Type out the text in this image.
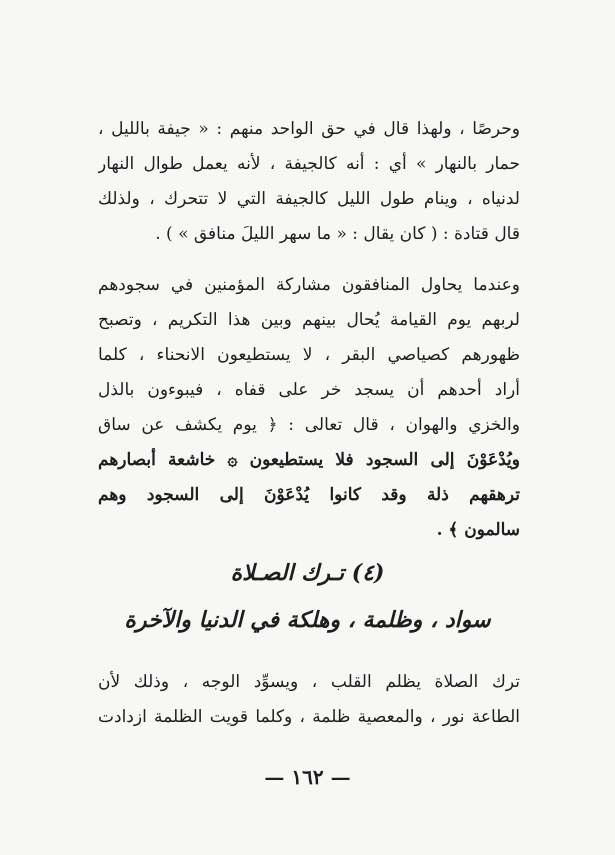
وحرصًا ، ولهذا قال في حق الواحد منهم : « جيفة بالليل ،
حمار بالنهار » أي : أنه كالجيفة ، لأنه يعمل طوال النهار
لدنياه ، وينام طول الليل كالجيفة التي لا تتحرك ، ولذلك
قال قتادة : ( كان يقال : « ما سهر الليلَ منافق » ) .
وعندما يحاول المنافقون مشاركة المؤمنين في سجودهم
لربهم يوم القيامة يُحال بينهم وبين هذا التكريم ، وتصبح
ظهورهم كصياصي البقر ، لا يستطيعون الانحناء ، كلما
أراد أحدهم أن يسجد خر على قفاه ، فيبوءون بالذل
والخزي والهوان ، قال تعالى : ﴿ يوم يكشف عن ساق
ويُدْعَوْنَ إلى السجود فلا يستطيعون ۞ خاشعة أبصارهم
ترهقهم ذلة وقد كانوا يُدْعَوْنَ إلى السجود وهم
سالمون ﴾ .
(٤) تـرك الصـلاة
سواد ، وظلمة ، وهلكة في الدنيا والآخرة
ترك الصلاة يظلم القلب ، ويسوِّد الوجه ، وذلك لأن
الطاعة نور ، والمعصية ظلمة ، وكلما قويت الظلمة ازدادت
— ١٦٢ —
